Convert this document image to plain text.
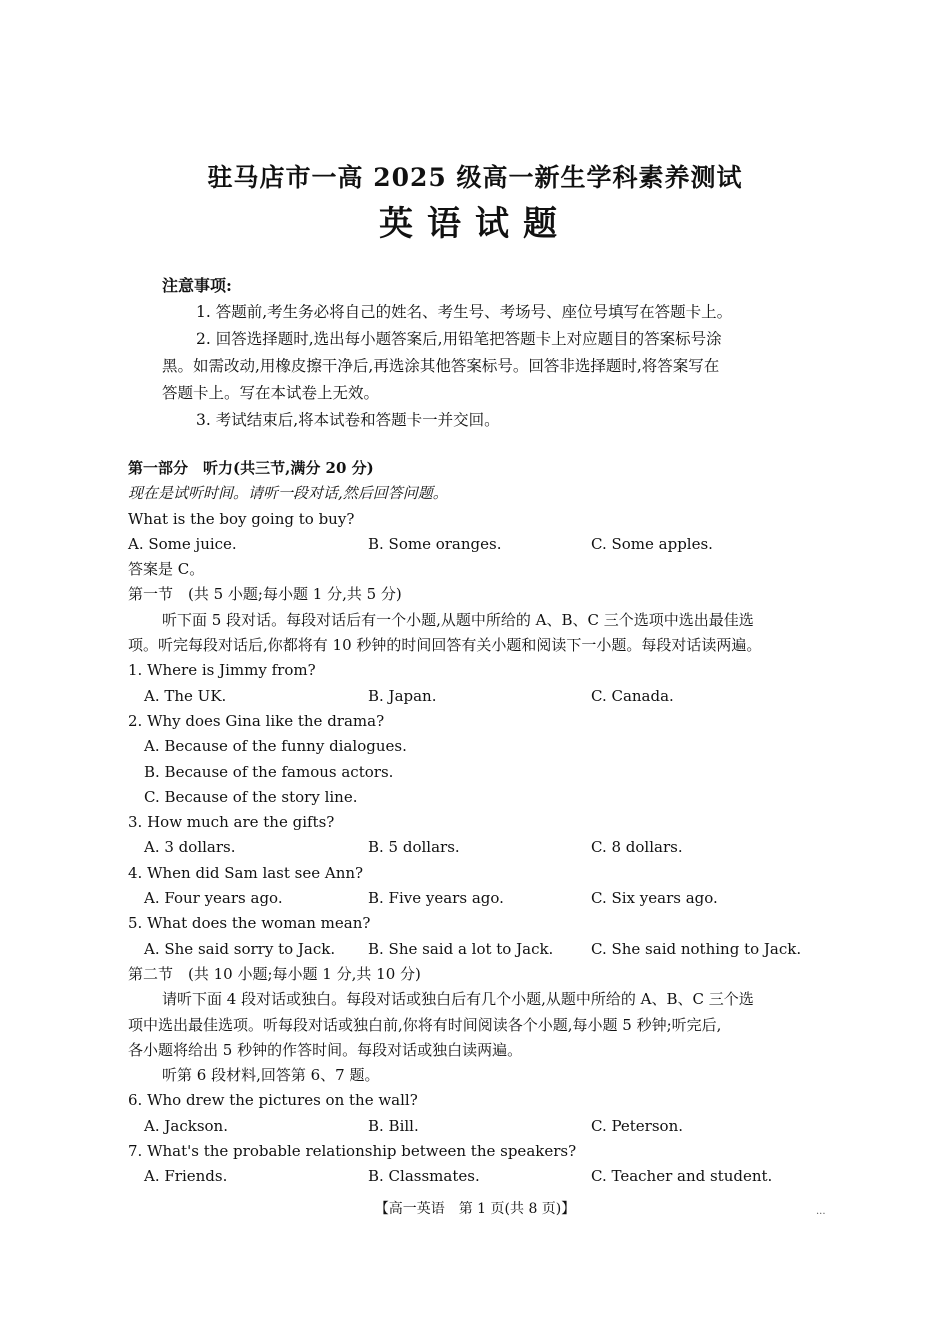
驻马店市一高 2025 级高一新生学科素养测试
英语试题

注意事项:

1. 答题前,考生务必将自己的姓名、考生号、考场号、座位号填写在答题卡上。

2. 回答选择题时,选出每小题答案后,用铅笔把答题卡上对应题目的答案标号涂

黑。如需改动,用橡皮擦干净后,再选涂其他答案标号。回答非选择题时,将答案写在

答题卡上。写在本试卷上无效。

3. 考试结束后,将本试卷和答题卡一并交回。

第一部分　听力(共三节,满分 20 分)

现在是试听时间。请听一段对话,然后回答问题。

What is the boy going to buy?

A. Some juice.	B. Some oranges.	C. Some apples.

答案是 C。

第一节　(共 5 小题;每小题 1 分,共 5 分)

听下面 5 段对话。每段对话后有一个小题,从题中所给的 A、B、C 三个选项中选出最佳选

项。听完每段对话后,你都将有 10 秒钟的时间回答有关小题和阅读下一小题。每段对话读两遍。

1. Where is Jimmy from?

A. The UK.	B. Japan.	C. Canada.

2. Why does Gina like the drama?

A. Because of the funny dialogues.

B. Because of the famous actors.

C. Because of the story line.

3. How much are the gifts?

A. 3 dollars.	B. 5 dollars.	C. 8 dollars.

4. When did Sam last see Ann?

A. Four years ago.	B. Five years ago.	C. Six years ago.

5. What does the woman mean?

A. She said sorry to Jack. B. She said a lot to Jack.	C. She said nothing to Jack.

第二节　(共 10 小题;每小题 1 分,共 10 分)

请听下面 4 段对话或独白。每段对话或独白后有几个小题,从题中所给的 A、B、C 三个选

项中选出最佳选项。听每段对话或独白前,你将有时间阅读各个小题,每小题 5 秒钟;听完后,

各小题将给出 5 秒钟的作答时间。每段对话或独白读两遍。

听第 6 段材料,回答第 6、7 题。

6. Who drew the pictures on the wall?

A. Jackson.	B. Bill.	C. Peterson.

7. What's the probable relationship between the speakers?

A. Friends.	B. Classmates.	C. Teacher and student.
【高一英语　第 1 页(共 8 页)】	...
